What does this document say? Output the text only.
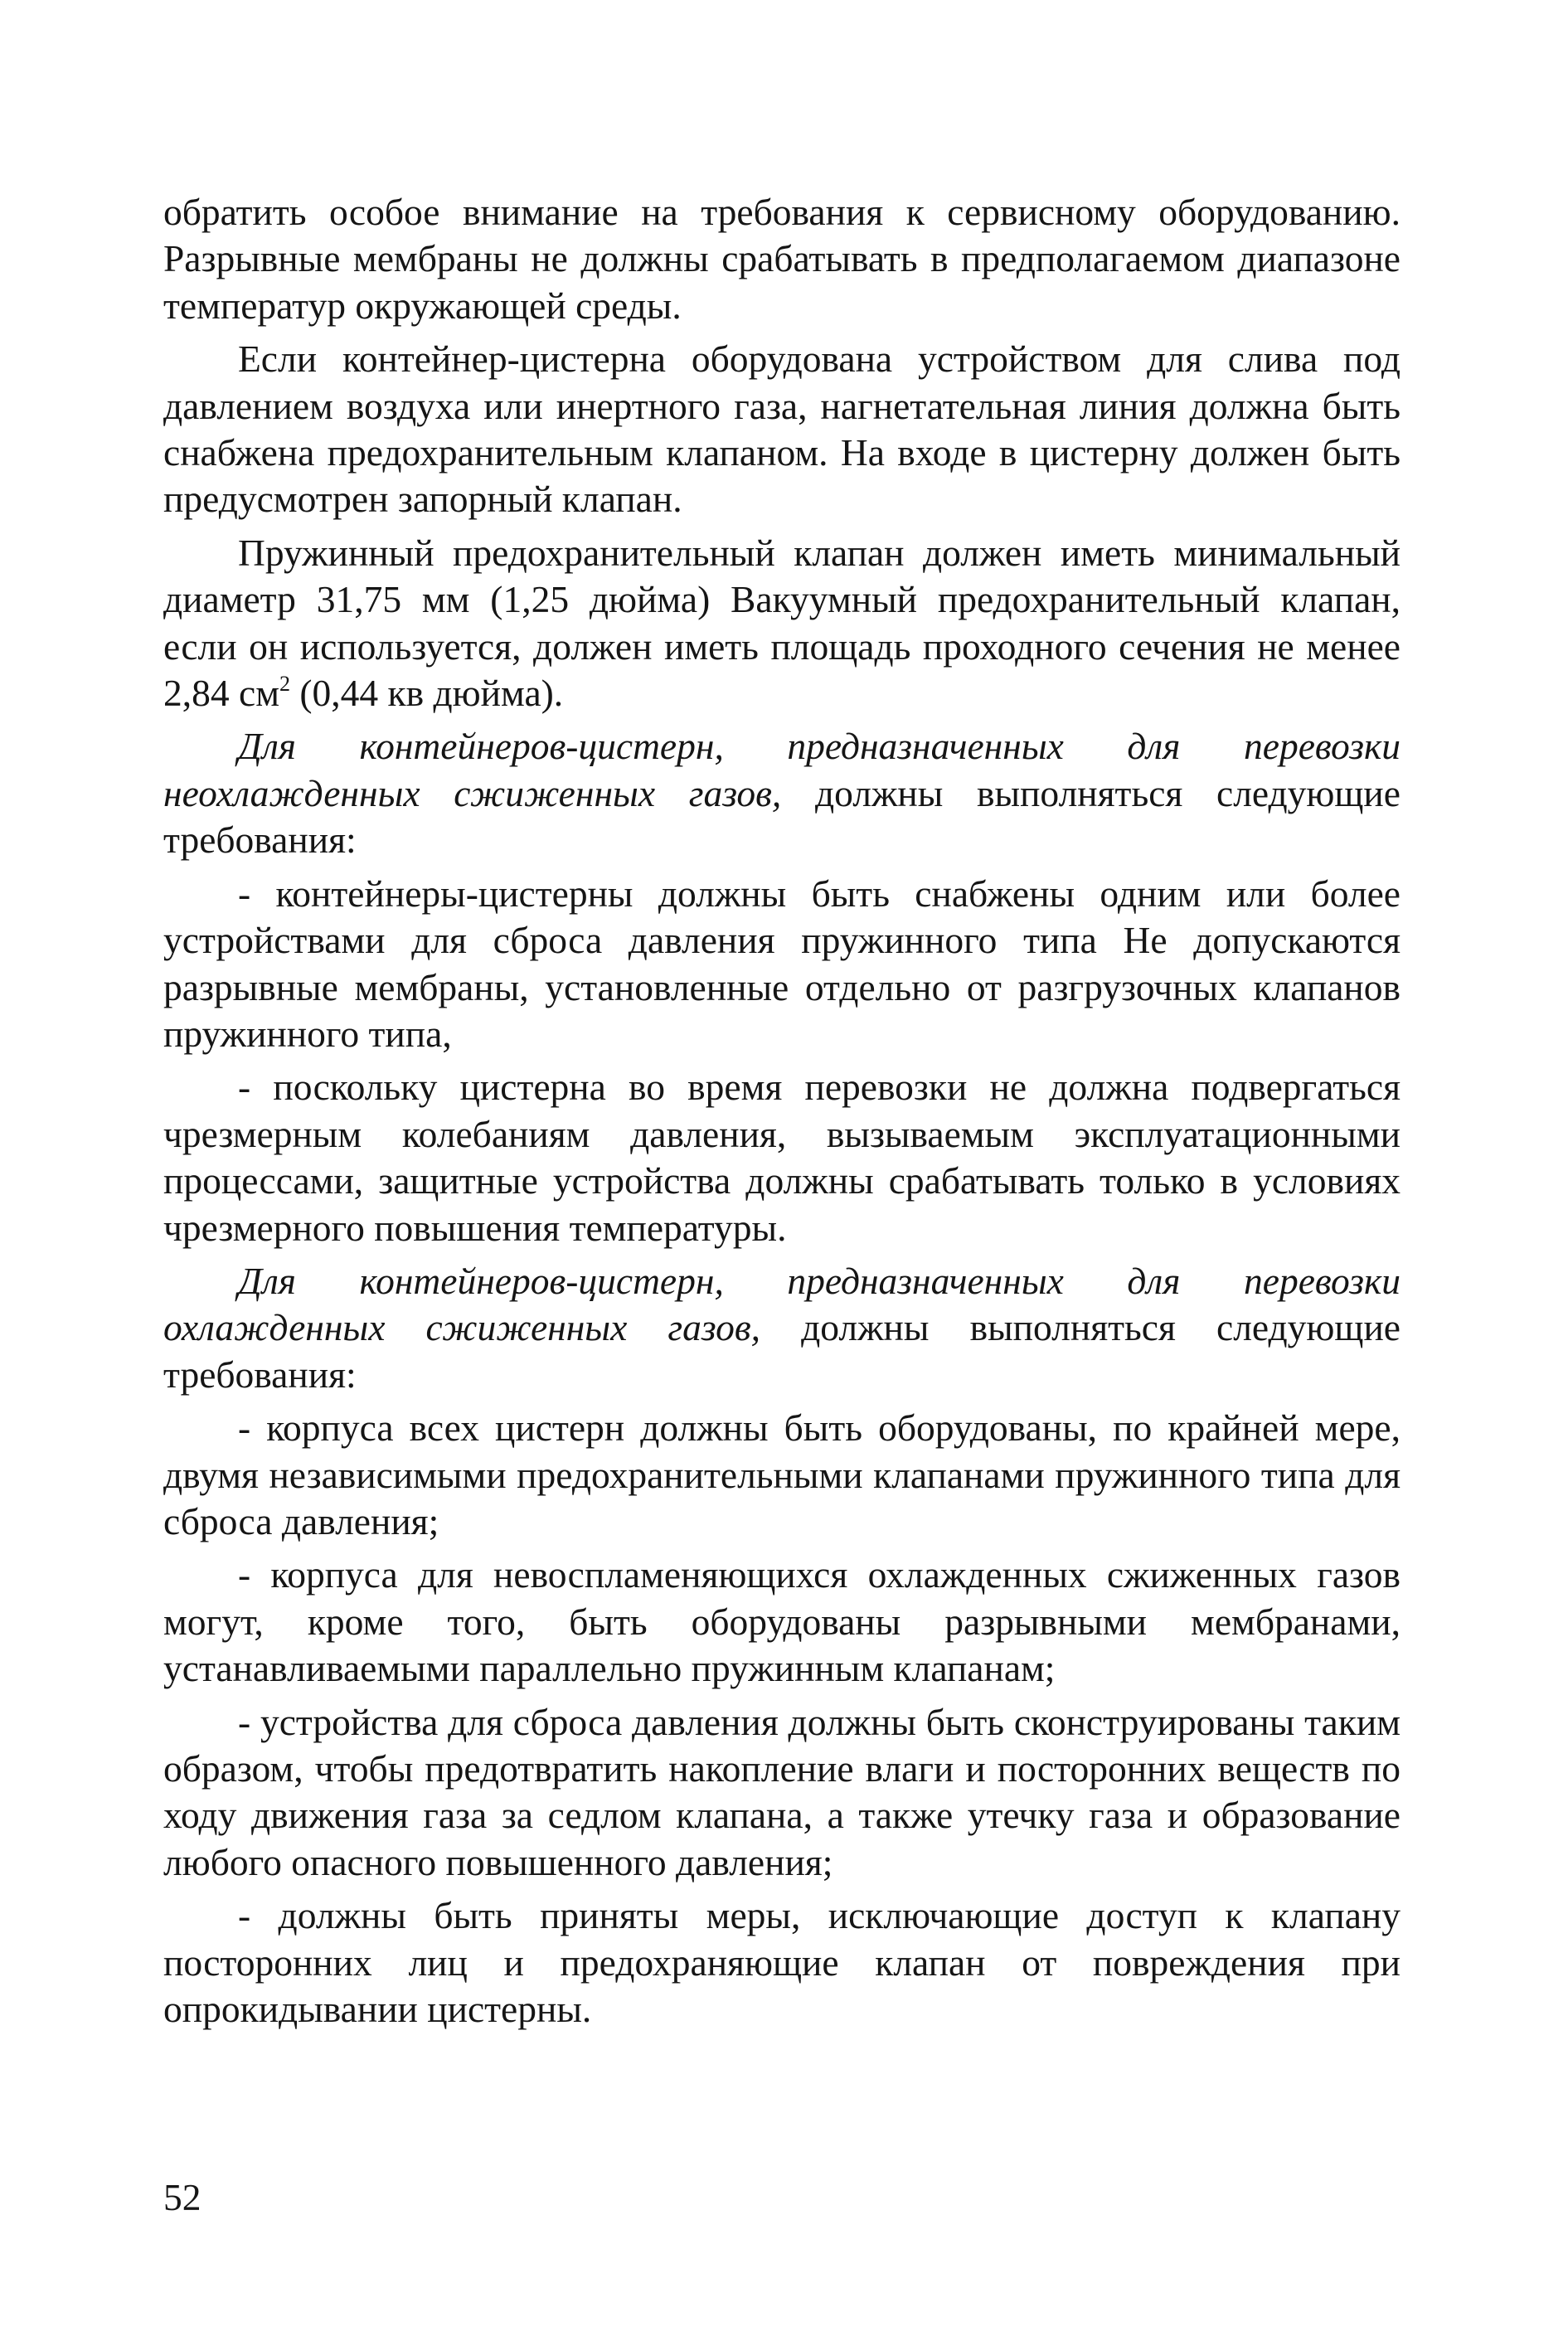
обратить особое внимание на требования к сервисному оборудованию. Разрывные мембраны не должны срабатывать в предполагаемом диапазоне температур окружающей среды.

Если контейнер-цистерна оборудована устройством для слива под давлением воздуха или инертного газа, нагнетательная линия должна быть снабжена предохранительным клапаном. На входе в цистерну должен быть предусмотрен запорный клапан.

Пружинный предохранительный клапан должен иметь минимальный диаметр 31,75 мм (1,25 дюйма) Вакуумный предохранительный клапан, если он используется, должен иметь площадь проходного сечения не менее 2,84 $см^2$ (0,44 кв дюйма).

Для контейнеров-цистерн, предназначенных для перевозки неохлажденных сжиженных газов, должны выполняться следующие требования:

- контейнеры-цистерны должны быть снабжены одним или более устройствами для сброса давления пружинного типа Не допускаются разрывные мембраны, установленные отдельно от разгрузочных клапанов пружинного типа,

- поскольку цистерна во время перевозки не должна подвергаться чрезмерным колебаниям давления, вызываемым эксплуатационными процессами, защитные устройства должны срабатывать только в условиях чрезмерного повышения температуры.

Для контейнеров-цистерн, предназначенных для перевозки охлажденных сжиженных газов, должны выполняться следующие требования:

- корпуса всех цистерн должны быть оборудованы, по крайней мере, двумя независимыми предохранительными клапанами пружинного типа для сброса давления;

- корпуса для невоспламеняющихся охлажденных сжиженных газов могут, кроме того, быть оборудованы разрывными мембранами, устанавливаемыми параллельно пружинным клапанам;

- устройства для сброса давления должны быть сконструированы таким образом, чтобы предотвратить накопление влаги и посторонних веществ по ходу движения газа за седлом клапана, а также утечку газа и образование любого опасного повышенного давления;

- должны быть приняты меры, исключающие доступ к клапану посторонних лиц и предохраняющие клапан от повреждения при опрокидывании цистерны.

52
